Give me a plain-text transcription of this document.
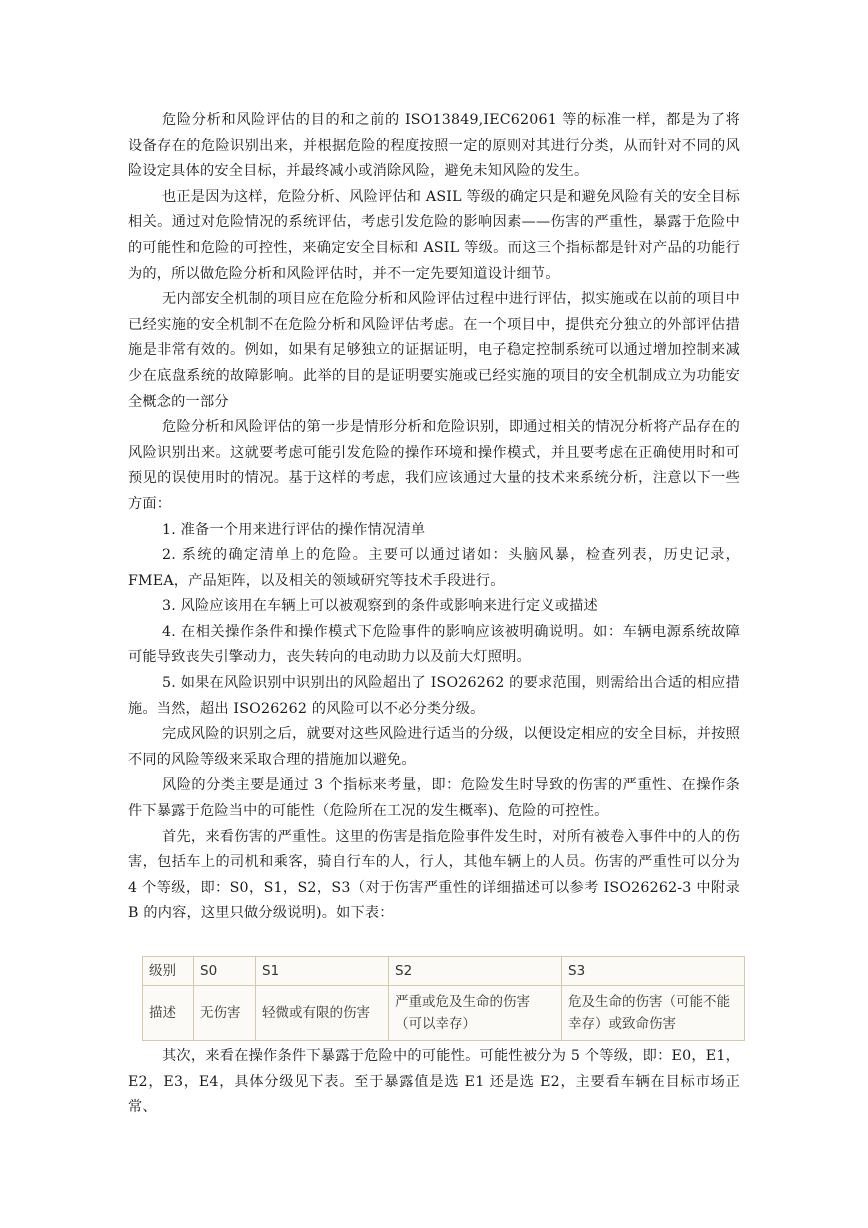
危险分析和风险评估的目的和之前的 ISO13849,IEC62061 等的标准一样，都是为了将设备存在的危险识别出来，并根据危险的程度按照一定的原则对其进行分类，从而针对不同的风险设定具体的安全目标，并最终减小或消除风险，避免未知风险的发生。

也正是因为这样，危险分析、风险评估和 ASIL 等级的确定只是和避免风险有关的安全目标相关。通过对危险情况的系统评估，考虑引发危险的影响因素——伤害的严重性，暴露于危险中的可能性和危险的可控性，来确定安全目标和 ASIL 等级。而这三个指标都是针对产品的功能行为的，所以做危险分析和风险评估时，并不一定先要知道设计细节。

无内部安全机制的项目应在危险分析和风险评估过程中进行评估，拟实施或在以前的项目中已经实施的安全机制不在危险分析和风险评估考虑。在一个项目中，提供充分独立的外部评估措施是非常有效的。例如，如果有足够独立的证据证明，电子稳定控制系统可以通过增加控制来减少在底盘系统的故障影响。此举的目的是证明要实施或已经实施的项目的安全机制成立为功能安全概念的一部分

危险分析和风险评估的第一步是情形分析和危险识别，即通过相关的情况分析将产品存在的风险识别出来。这就要考虑可能引发危险的操作环境和操作模式，并且要考虑在正确使用时和可预见的误使用时的情况。基于这样的考虑，我们应该通过大量的技术来系统分析，注意以下一些方面：

1. 准备一个用来进行评估的操作情况清单

2. 系统的确定清单上的危险。主要可以通过诸如：头脑风暴，检查列表，历史记录，FMEA，产品矩阵，以及相关的领域研究等技术手段进行。

3. 风险应该用在车辆上可以被观察到的条件或影响来进行定义或描述

4. 在相关操作条件和操作模式下危险事件的影响应该被明确说明。如：车辆电源系统故障可能导致丧失引擎动力，丧失转向的电动助力以及前大灯照明。

5. 如果在风险识别中识别出的风险超出了 ISO26262 的要求范围，则需给出合适的相应措施。当然，超出 ISO26262 的风险可以不必分类分级。

完成风险的识别之后，就要对这些风险进行适当的分级，以便设定相应的安全目标，并按照不同的风险等级来采取合理的措施加以避免。

风险的分类主要是通过 3 个指标来考量，即：危险发生时导致的伤害的严重性、在操作条件下暴露于危险当中的可能性（危险所在工况的发生概率)、危险的可控性。

首先，来看伤害的严重性。这里的伤害是指危险事件发生时，对所有被卷入事件中的人的伤害，包括车上的司机和乘客，骑自行车的人，行人，其他车辆上的人员。伤害的严重性可以分为 4 个等级，即：S0，S1，S2，S3（对于伤害严重性的详细描述可以参考 ISO26262-3 中附录 B 的内容，这里只做分级说明)。如下表：

级别	S0	S1	S2	S3
描述	无伤害	轻微或有限的伤害	严重或危及生命的伤害（可以幸存）	危及生命的伤害（可能不能幸存）或致命伤害

其次，来看在操作条件下暴露于危险中的可能性。可能性被分为 5 个等级，即：E0，E1，E2，E3，E4，具体分级见下表。至于暴露值是选 E1 还是选 E2，主要看车辆在目标市场正常、
